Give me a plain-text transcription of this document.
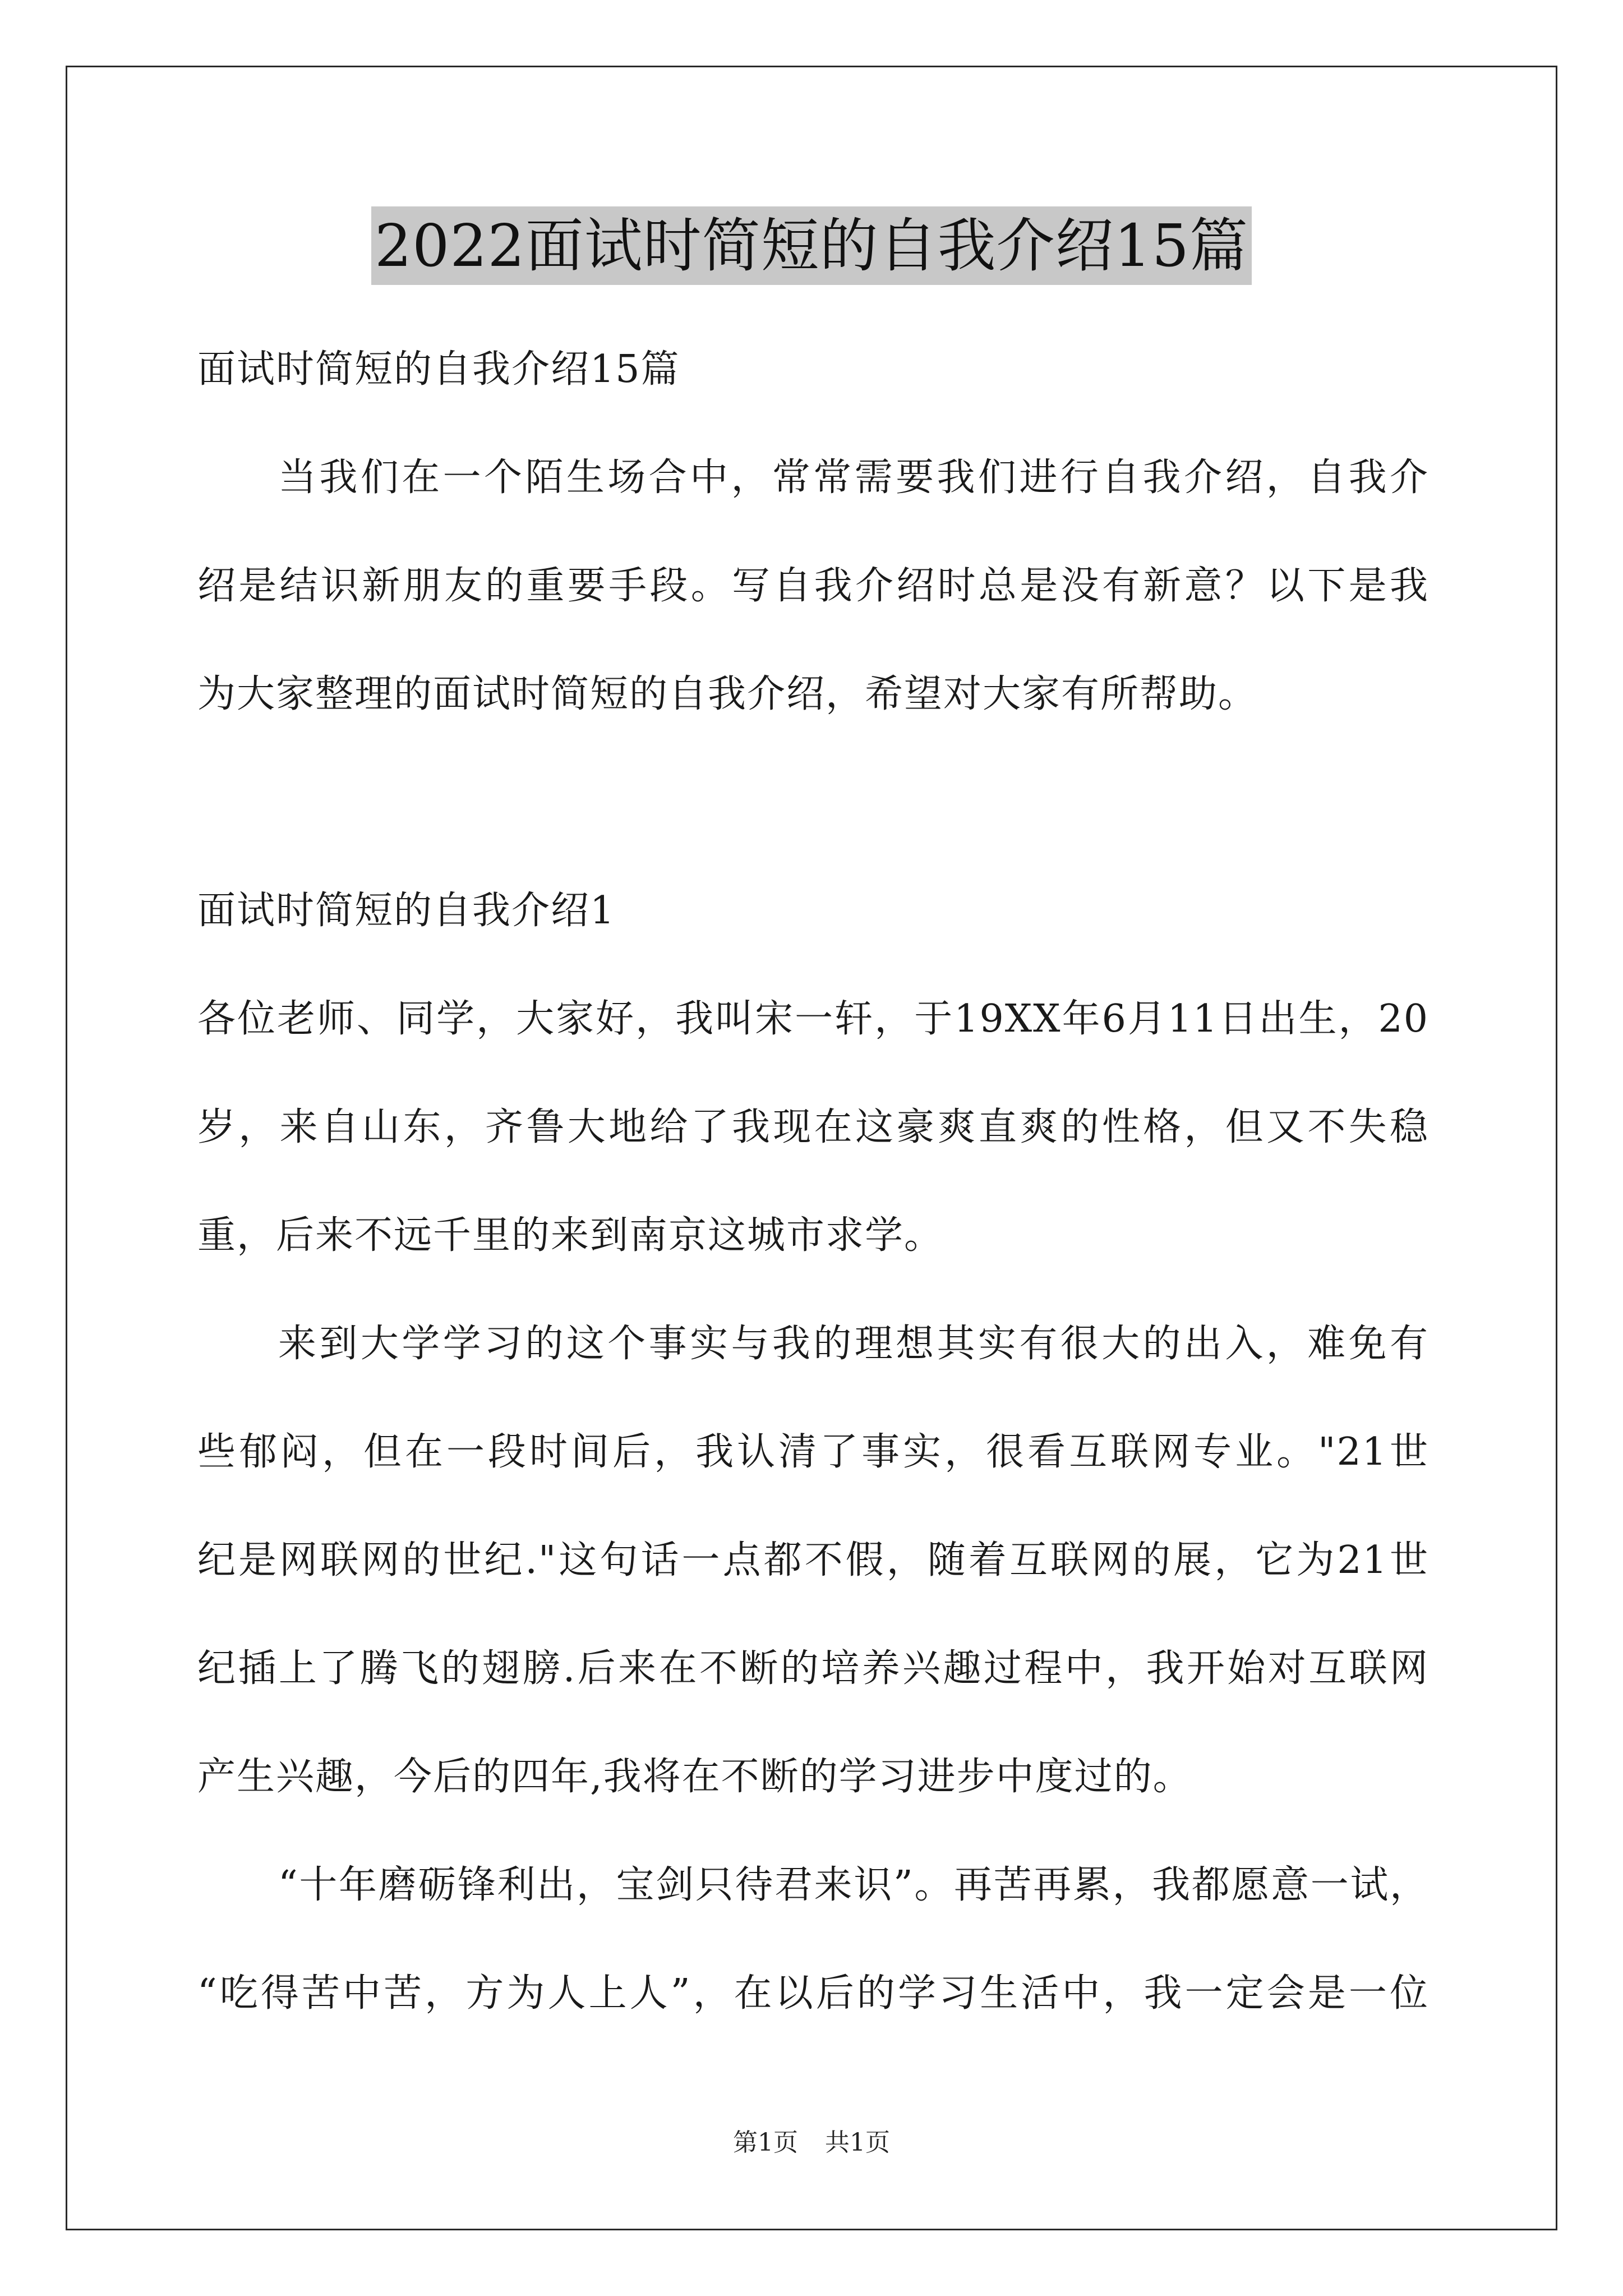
2022面试时简短的自我介绍15篇
面试时简短的自我介绍15篇
当我们在一个陌生场合中，常常需要我们进行自我介绍，自我介
绍是结识新朋友的重要手段。写自我介绍时总是没有新意？以下是我
为大家整理的面试时简短的自我介绍，希望对大家有所帮助。

面试时简短的自我介绍1
各位老师、同学，大家好，我叫宋一轩，于19XX年6月11日出生，20
岁，来自山东，齐鲁大地给了我现在这豪爽直爽的性格，但又不失稳
重，后来不远千里的来到南京这城市求学。
来到大学学习的这个事实与我的理想其实有很大的出入，难免有
些郁闷，但在一段时间后，我认清了事实，很看互联网专业。"21世
纪是网联网的世纪."这句话一点都不假，随着互联网的展，它为21世
纪插上了腾飞的翅膀.后来在不断的培养兴趣过程中，我开始对互联网
产生兴趣，今后的四年,我将在不断的学习进步中度过的。
“十年磨砺锋利出，宝剑只待君来识”。再苦再累，我都愿意一试，
“吃得苦中苦，方为人上人”，在以后的学习生活中，我一定会是一位
第1页 共1页
